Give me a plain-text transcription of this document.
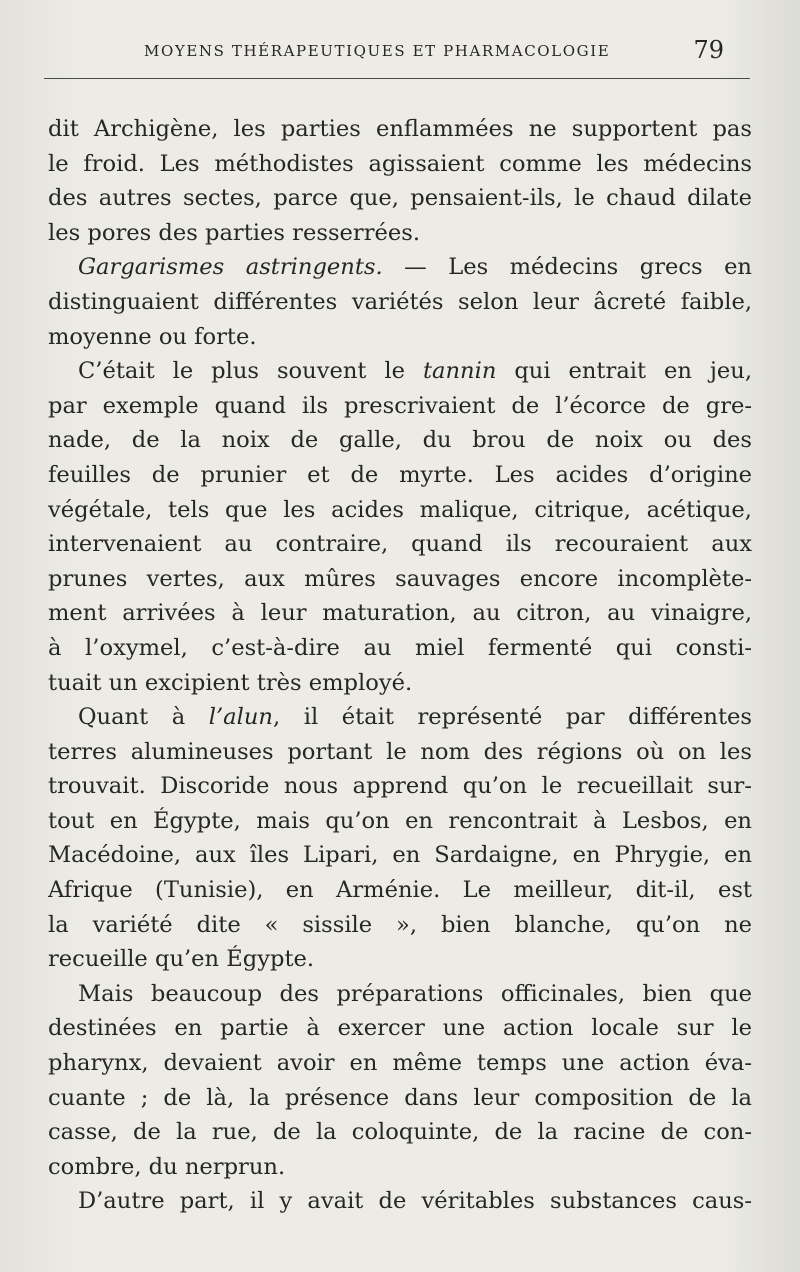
MOYENS THÉRAPEUTIQUES ET PHARMACOLOGIE	79
dit Archigène, les parties enflammées ne supportent pas
le froid. Les méthodistes agissaient comme les médecins
des autres sectes, parce que, pensaient-ils, le chaud dilate
les pores des parties resserrées.
Gargarismes astringents. — Les médecins grecs en
distinguaient différentes variétés selon leur âcreté faible,
moyenne ou forte.
C’était le plus souvent le tannin qui entrait en jeu,
par exemple quand ils prescrivaient de l’écorce de gre-
nade, de la noix de galle, du brou de noix ou des
feuilles de prunier et de myrte. Les acides d’origine
végétale, tels que les acides malique, citrique, acétique,
intervenaient au contraire, quand ils recouraient aux
prunes vertes, aux mûres sauvages encore incomplète-
ment arrivées à leur maturation, au citron, au vinaigre,
à l’oxymel, c’est-à-dire au miel fermenté qui consti-
tuait un excipient très employé.
Quant à l’alun, il était représenté par différentes
terres alumineuses portant le nom des régions où on les
trouvait. Discoride nous apprend qu’on le recueillait sur-
tout en Égypte, mais qu’on en rencontrait à Lesbos, en
Macédoine, aux îles Lipari, en Sardaigne, en Phrygie, en
Afrique (Tunisie), en Arménie. Le meilleur, dit-il, est
la variété dite « sissile », bien blanche, qu’on ne
recueille qu’en Égypte.
Mais beaucoup des préparations officinales, bien que
destinées en partie à exercer une action locale sur le
pharynx, devaient avoir en même temps une action éva-
cuante ; de là, la présence dans leur composition de la
casse, de la rue, de la coloquinte, de la racine de con-
combre, du nerprun.
D’autre part, il y avait de véritables substances caus-
